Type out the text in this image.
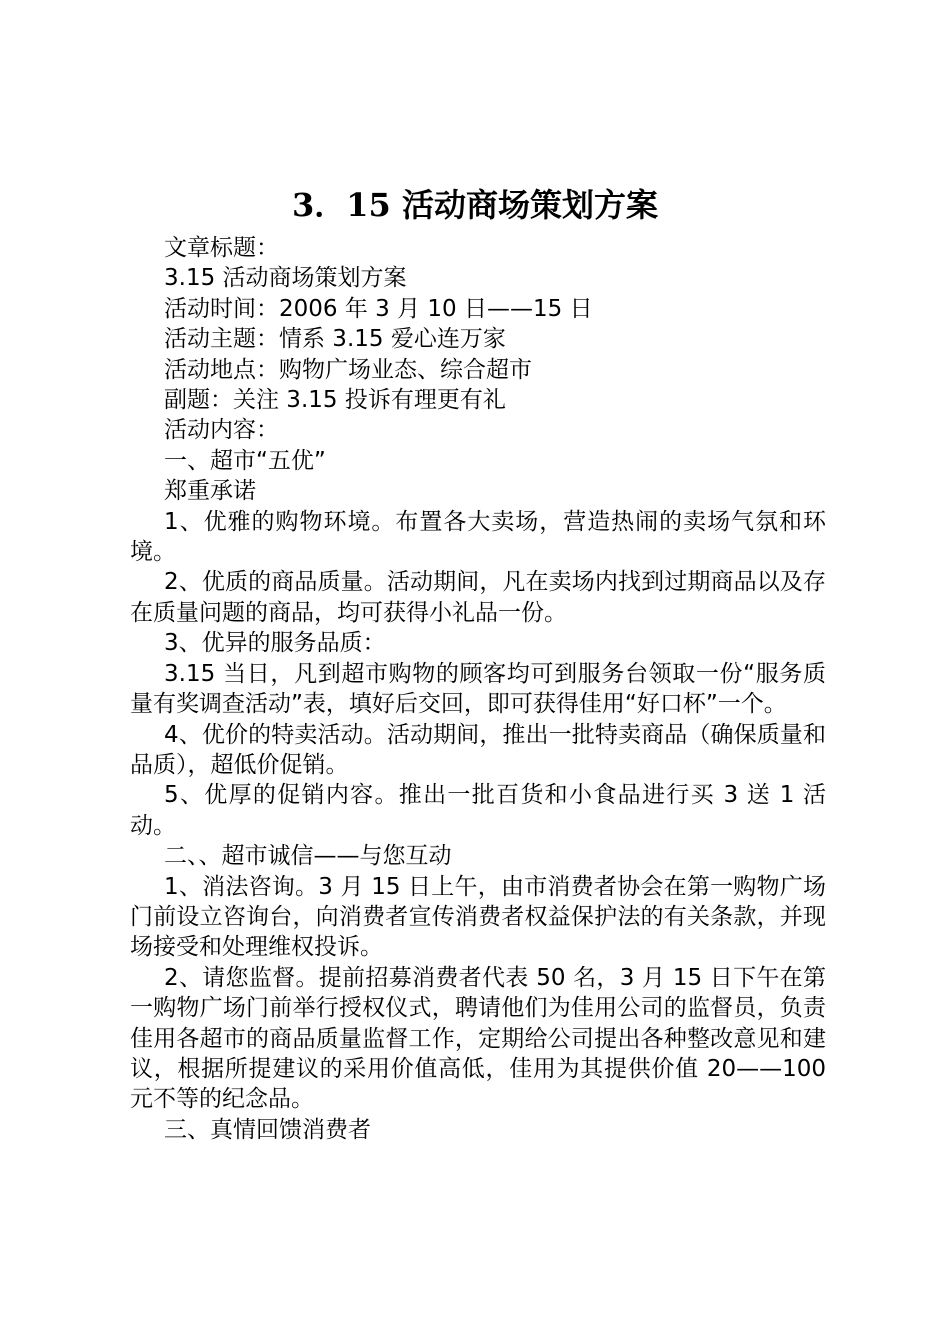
3．15 活动商场策划方案

文章标题：

3.15 活动商场策划方案

活动时间：2006 年 3 月 10 日——15 日

活动主题：情系 3.15 爱心连万家

活动地点：购物广场业态、综合超市

副题：关注 3.15 投诉有理更有礼

活动内容：

一、超市“五优”

郑重承诺

1、优雅的购物环境。布置各大卖场，营造热闹的卖场气氛和环境。

2、优质的商品质量。活动期间，凡在卖场内找到过期商品以及存在质量问题的商品，均可获得小礼品一份。

3、优异的服务品质：

3.15 当日，凡到超市购物的顾客均可到服务台领取一份“服务质量有奖调查活动”表，填好后交回，即可获得佳用“好口杯”一个。

4、优价的特卖活动。活动期间，推出一批特卖商品（确保质量和品质），超低价促销。

5、优厚的促销内容。推出一批百货和小食品进行买 3 送 1 活动。

二、、超市诚信——与您互动

1、消法咨询。3 月 15 日上午，由市消费者协会在第一购物广场门前设立咨询台，向消费者宣传消费者权益保护法的有关条款，并现场接受和处理维权投诉。

2、请您监督。提前招募消费者代表 50 名，3 月 15 日下午在第一购物广场门前举行授权仪式，聘请他们为佳用公司的监督员，负责佳用各超市的商品质量监督工作，定期给公司提出各种整改意见和建议，根据所提建议的采用价值高低，佳用为其提供价值 20——100 元不等的纪念品。

三、真情回馈消费者
